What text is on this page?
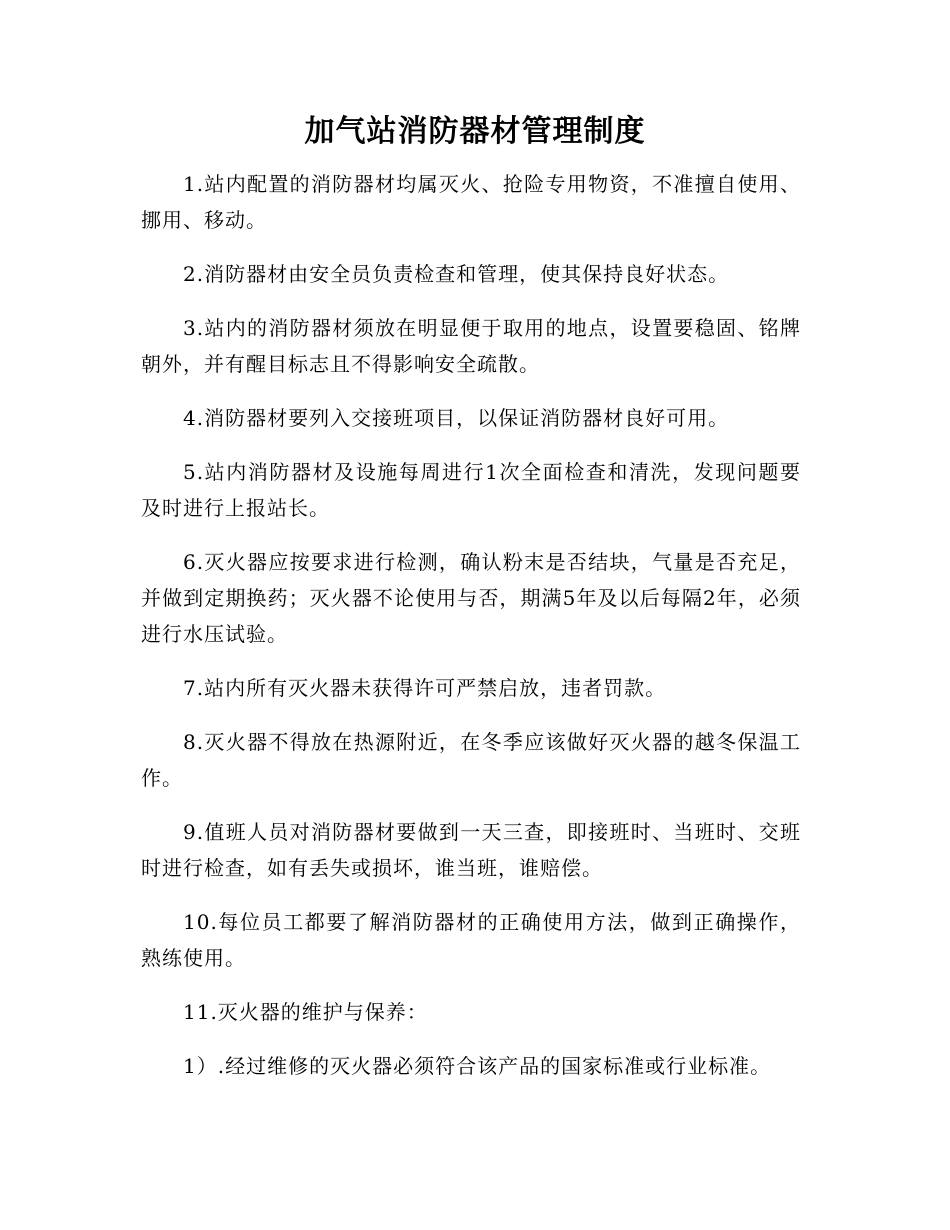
加气站消防器材管理制度

1.站内配置的消防器材均属灭火、抢险专用物资，不准擅自使用、挪用、移动。

2.消防器材由安全员负责检查和管理，使其保持良好状态。

3.站内的消防器材须放在明显便于取用的地点，设置要稳固、铭牌朝外，并有醒目标志且不得影响安全疏散。

4.消防器材要列入交接班项目，以保证消防器材良好可用。

5.站内消防器材及设施每周进行1次全面检查和清洗，发现问题要及时进行上报站长。

6.灭火器应按要求进行检测，确认粉末是否结块，气量是否充足，并做到定期换药；灭火器不论使用与否，期满5年及以后每隔2年，必须进行水压试验。

7.站内所有灭火器未获得许可严禁启放，违者罚款。

8.灭火器不得放在热源附近，在冬季应该做好灭火器的越冬保温工作。

9.值班人员对消防器材要做到一天三查，即接班时、当班时、交班时进行检查，如有丢失或损坏，谁当班，谁赔偿。

10.每位员工都要了解消防器材的正确使用方法，做到正确操作，熟练使用。

11.灭火器的维护与保养：

1）.经过维修的灭火器必须符合该产品的国家标准或行业标准。
